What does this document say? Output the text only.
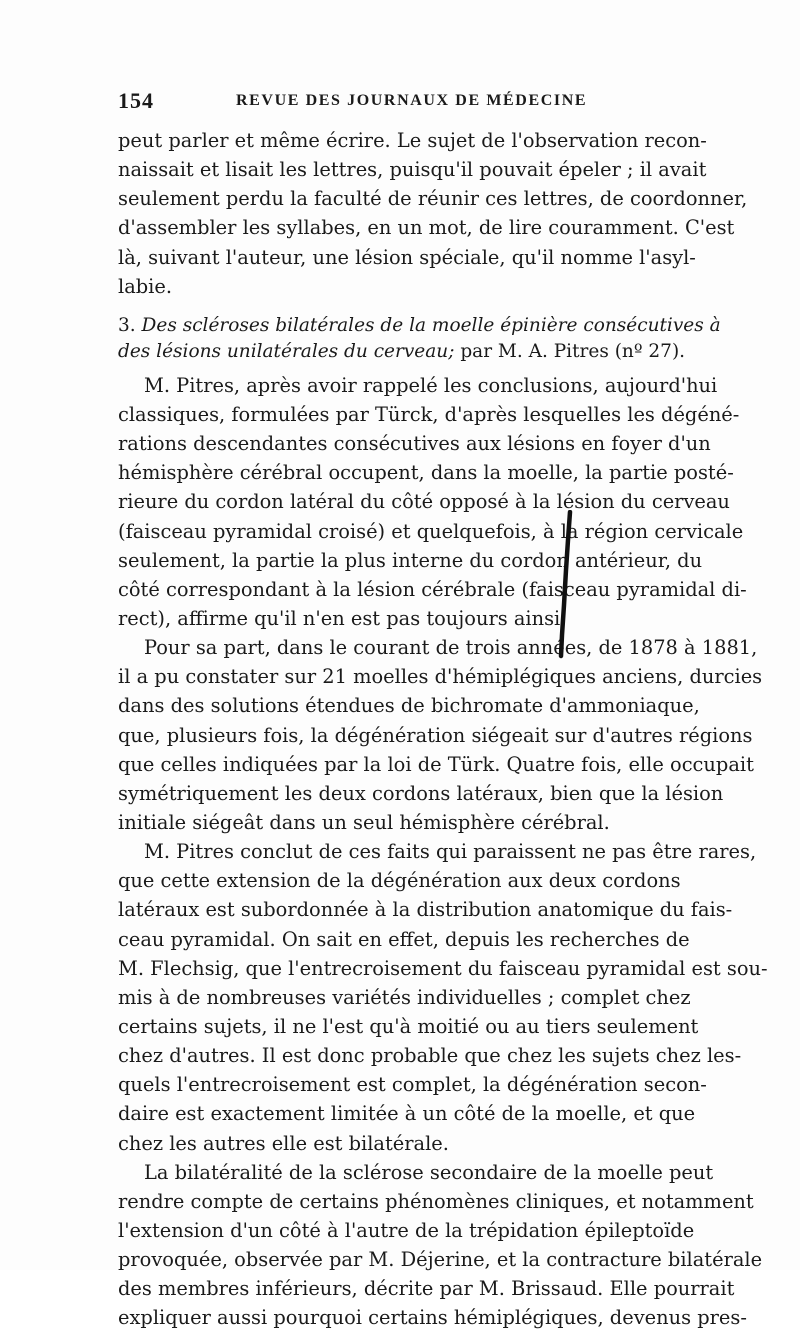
154	REVUE DES JOURNAUX DE MÉDECINE
peut parler et même écrire. Le sujet de l'observation recon-
naissait et lisait les lettres, puisqu'il pouvait épeler ; il avait
seulement perdu la faculté de réunir ces lettres, de coordonner,
d'assembler les syllabes, en un mot, de lire couramment. C'est
là, suivant l'auteur, une lésion spéciale, qu'il nomme l'asyl-
labie.
3. Des scléroses bilatérales de la moelle épinière consécutives à
des lésions unilatérales du cerveau; par M. A. Pitres (nº 27).
M. Pitres, après avoir rappelé les conclusions, aujourd'hui
classiques, formulées par Türck, d'après lesquelles les dégéné-
rations descendantes consécutives aux lésions en foyer d'un
hémisphère cérébral occupent, dans la moelle, la partie posté-
rieure du cordon latéral du côté opposé à la lésion du cerveau
(faisceau pyramidal croisé) et quelquefois, à la région cervicale
seulement, la partie la plus interne du cordon antérieur, du
côté correspondant à la lésion cérébrale (faisceau pyramidal di-
rect), affirme qu'il n'en est pas toujours ainsi.
Pour sa part, dans le courant de trois années, de 1878 à 1881,
il a pu constater sur 21 moelles d'hémiplégiques anciens, durcies
dans des solutions étendues de bichromate d'ammoniaque,
que, plusieurs fois, la dégénération siégeait sur d'autres régions
que celles indiquées par la loi de Türk. Quatre fois, elle occupait
symétriquement les deux cordons latéraux, bien que la lésion
initiale siégeât dans un seul hémisphère cérébral.
M. Pitres conclut de ces faits qui paraissent ne pas être rares,
que cette extension de la dégénération aux deux cordons
latéraux est subordonnée à la distribution anatomique du fais-
ceau pyramidal. On sait en effet, depuis les recherches de
M. Flechsig, que l'entrecroisement du faisceau pyramidal est sou-
mis à de nombreuses variétés individuelles ; complet chez
certains sujets, il ne l'est qu'à moitié ou au tiers seulement
chez d'autres. Il est donc probable que chez les sujets chez les-
quels l'entrecroisement est complet, la dégénération secon-
daire est exactement limitée à un côté de la moelle, et que
chez les autres elle est bilatérale.
La bilatéralité de la sclérose secondaire de la moelle peut
rendre compte de certains phénomènes cliniques, et notamment
l'extension d'un côté à l'autre de la trépidation épileptoïde
provoquée, observée par M. Déjerine, et la contracture bilatérale
des membres inférieurs, décrite par M. Brissaud. Elle pourrait
expliquer aussi pourquoi certains hémiplégiques, devenus pres-
